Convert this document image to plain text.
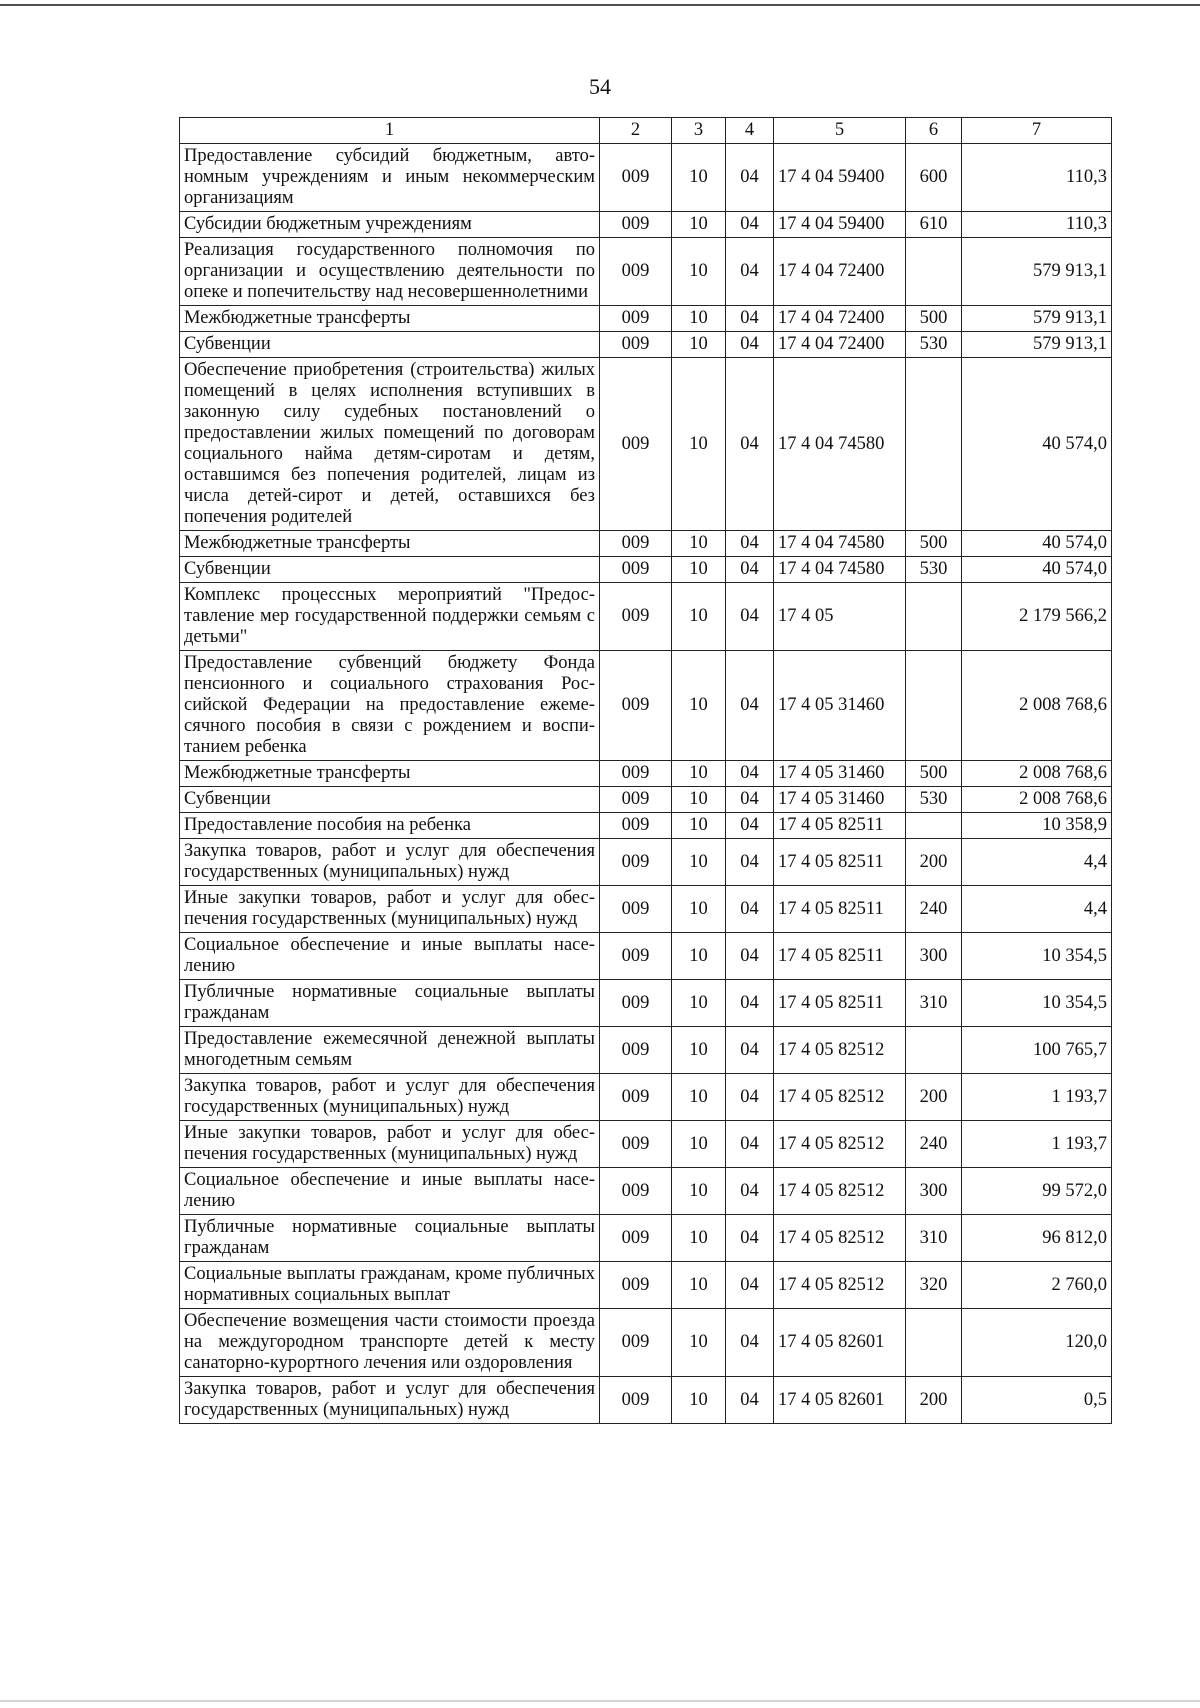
54
1	2	3	4	5	6	7
Предоставление субсидий бюджетным, автономным учреждениям и иным некоммерческим организациям	009	10	04	17 4 04 59400	600	110,3
Субсидии бюджетным учреждениям	009	10	04	17 4 04 59400	610	110,3
Реализация государственного полномочия по организации и осуществлению деятельности по опеке и попечительству над несовершеннолетними	009	10	04	17 4 04 72400		579 913,1
Межбюджетные трансферты	009	10	04	17 4 04 72400	500	579 913,1
Субвенции	009	10	04	17 4 04 72400	530	579 913,1
Обеспечение приобретения (строительства) жилых помещений в целях исполнения вступивших в законную силу судебных постановлений о предоставлении жилых помещений по договорам социального найма детям-сиротам и детям, оставшимся без попечения родителей, лицам из числа детей-сирот и детей, оставшихся без попечения родителей	009	10	04	17 4 04 74580		40 574,0
Межбюджетные трансферты	009	10	04	17 4 04 74580	500	40 574,0
Субвенции	009	10	04	17 4 04 74580	530	40 574,0
Комплекс процессных мероприятий "Предоставление мер государственной поддержки семьям с детьми"	009	10	04	17 4 05		2 179 566,2
Предоставление субвенций бюджету Фонда пенсионного и социального страхования Российской Федерации на предоставление ежемесячного пособия в связи с рождением и воспитанием ребенка	009	10	04	17 4 05 31460		2 008 768,6
Межбюджетные трансферты	009	10	04	17 4 05 31460	500	2 008 768,6
Субвенции	009	10	04	17 4 05 31460	530	2 008 768,6
Предоставление пособия на ребенка	009	10	04	17 4 05 82511		10 358,9
Закупка товаров, работ и услуг для обеспечения государственных (муниципальных) нужд	009	10	04	17 4 05 82511	200	4,4
Иные закупки товаров, работ и услуг для обеспечения государственных (муниципальных) нужд	009	10	04	17 4 05 82511	240	4,4
Социальное обеспечение и иные выплаты населению	009	10	04	17 4 05 82511	300	10 354,5
Публичные нормативные социальные выплаты гражданам	009	10	04	17 4 05 82511	310	10 354,5
Предоставление ежемесячной денежной выплаты многодетным семьям	009	10	04	17 4 05 82512		100 765,7
Закупка товаров, работ и услуг для обеспечения государственных (муниципальных) нужд	009	10	04	17 4 05 82512	200	1 193,7
Иные закупки товаров, работ и услуг для обеспечения государственных (муниципальных) нужд	009	10	04	17 4 05 82512	240	1 193,7
Социальное обеспечение и иные выплаты населению	009	10	04	17 4 05 82512	300	99 572,0
Публичные нормативные социальные выплаты гражданам	009	10	04	17 4 05 82512	310	96 812,0
Социальные выплаты гражданам, кроме публичных нормативных социальных выплат	009	10	04	17 4 05 82512	320	2 760,0
Обеспечение возмещения части стоимости проезда на междугородном транспорте детей к месту санаторно-курортного лечения или оздоровления	009	10	04	17 4 05 82601		120,0
Закупка товаров, работ и услуг для обеспечения государственных (муниципальных) нужд	009	10	04	17 4 05 82601	200	0,5
